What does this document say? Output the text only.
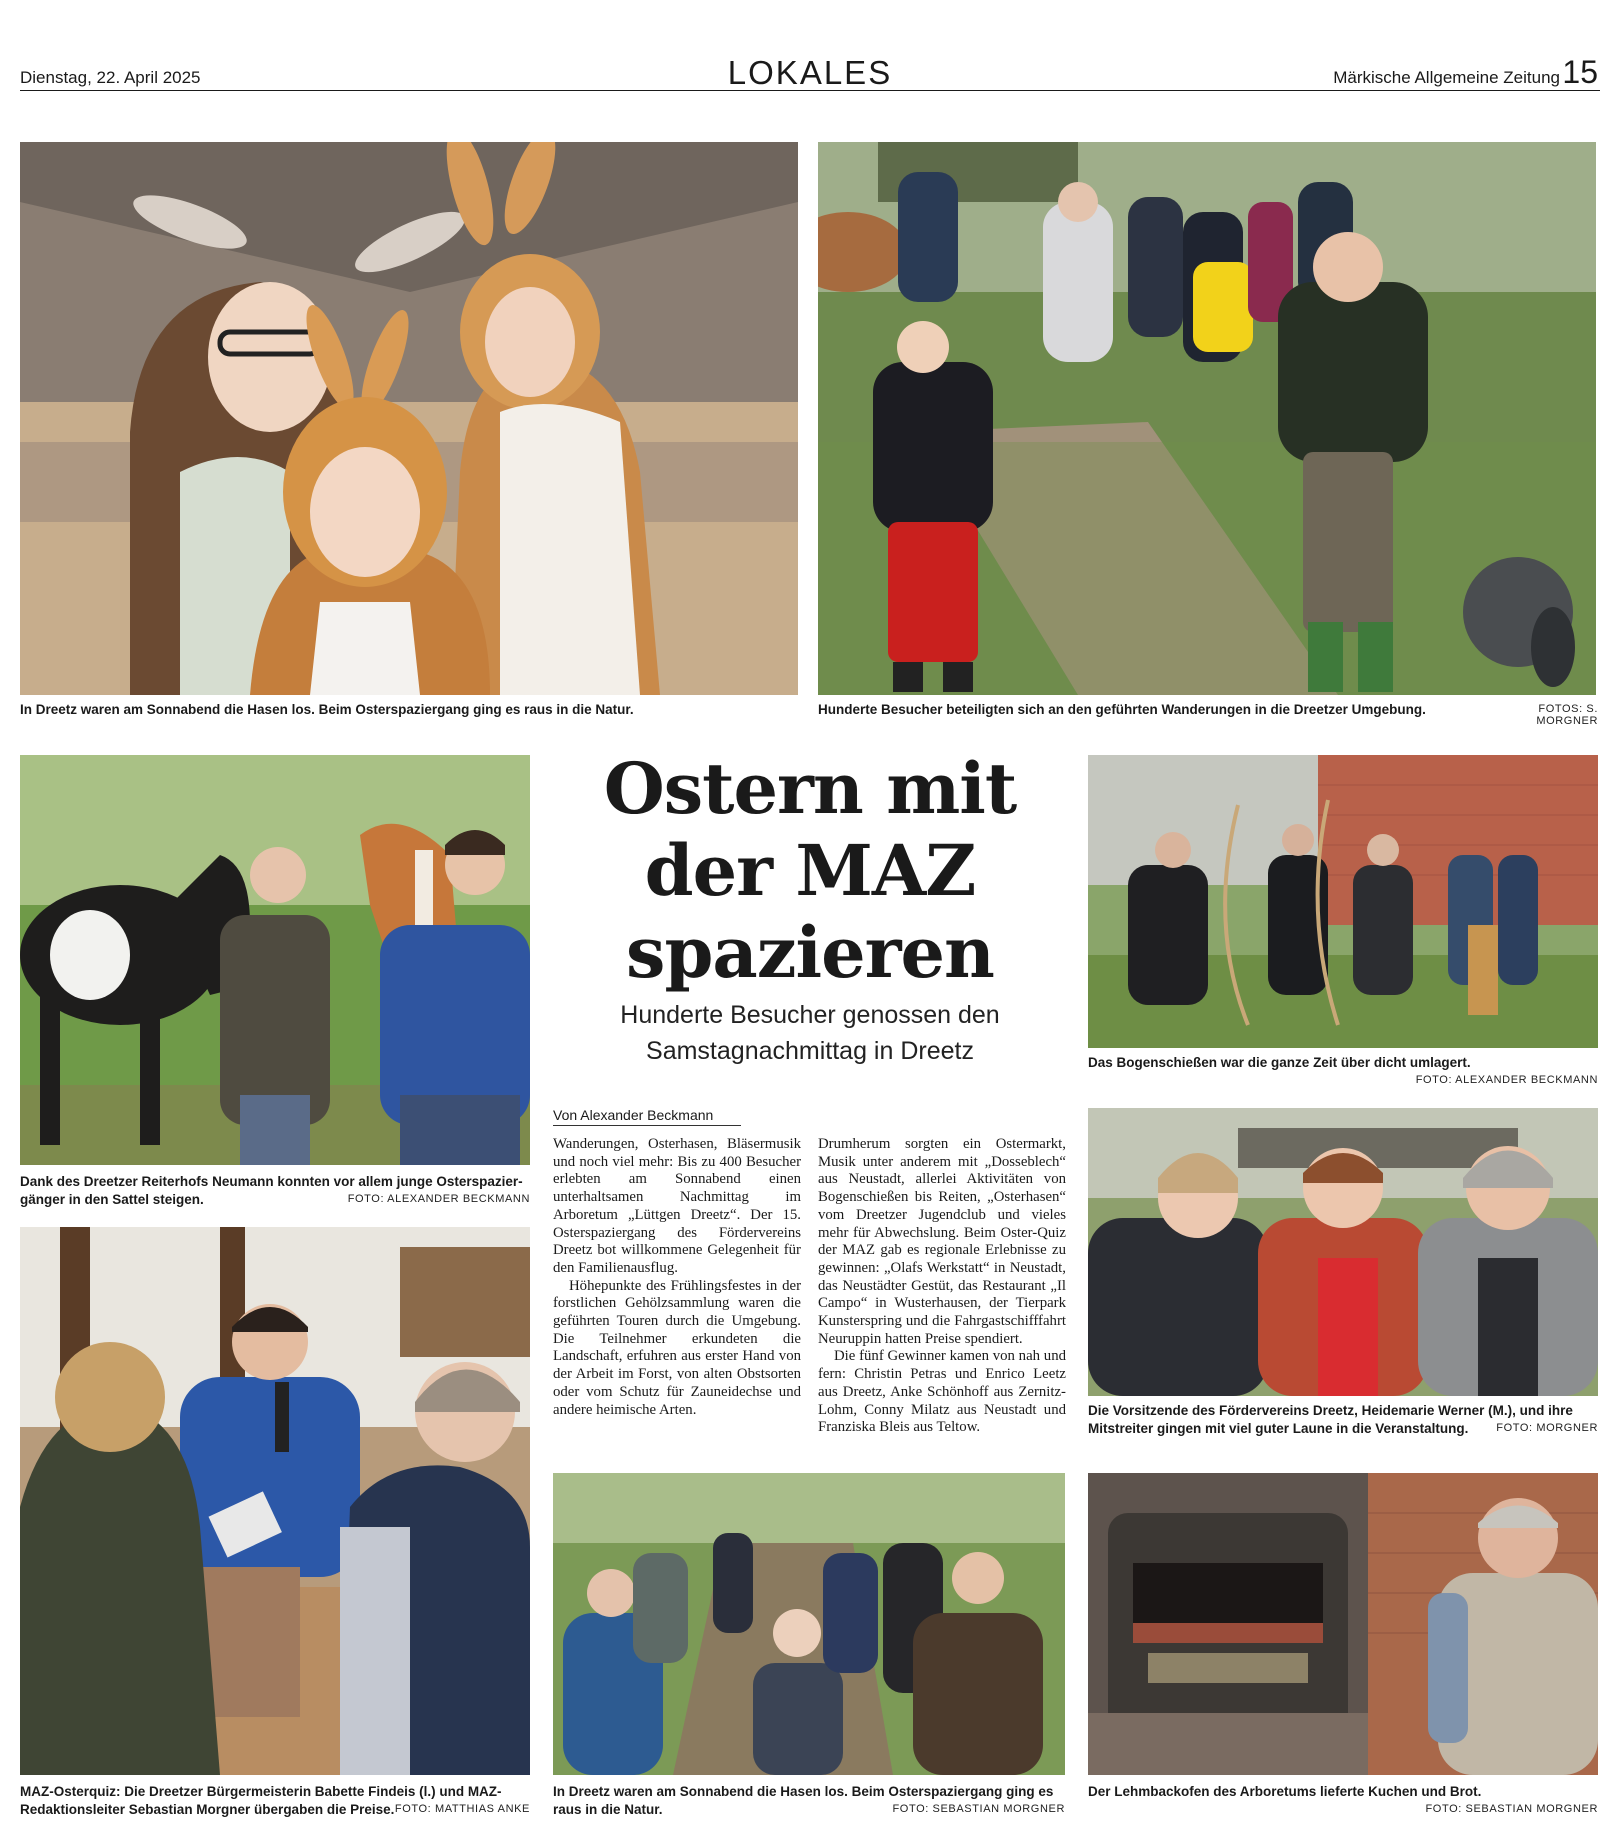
Dienstag, 22. April 2025	LOKALES	Märkische Allgemeine Zeitung 15
In Dreetz waren am Sonnabend die Hasen los. Beim Osterspaziergang ging es raus in die Natur.	Hunderte Besucher beteiligten sich an den geführten Wanderungen in die Dreetzer Umgebung.	FOTOS: S. MORGNER
Dank des Dreetzer Reiterhofs Neumann konnten vor allem junge Osterspazier-
gänger in den Sattel steigen.	FOTO: ALEXANDER BECKMANN
Das Bogenschießen war die ganze Zeit über dicht umlagert.
FOTO: ALEXANDER BECKMANN
Ostern mit
der MAZ
spazieren
Hunderte Besucher genossen den
Samstagnachmittag in Dreetz
Von Alexander Beckmann

Wanderungen, Osterhasen, Bläsermusik und noch viel mehr: Bis zu 400 Besucher erlebten am Sonnabend einen unterhaltsamen Nachmittag im Arboretum „Lüttgen Dreetz“. Der 15. Osterspaziergang des Fördervereins Dreetz bot willkommene Gelegenheit für den Familienausflug.

Höhepunkte des Frühlingsfestes in der forstlichen Gehölzsammlung waren die geführten Touren durch die Umgebung. Die Teilnehmer erkundeten die Landschaft, erfuhren aus erster Hand von der Arbeit im Forst, von alten Obstsorten oder vom Schutz für Zauneidechse und andere heimische Arten.

Drumherum sorgten ein Ostermarkt, Musik unter anderem mit „Dosseblech“ aus Neustadt, allerlei Aktivitäten von Bogenschießen bis Reiten, „Osterhasen“ vom Dreetzer Jugendclub und vieles mehr für Abwechslung. Beim Oster-Quiz der MAZ gab es regionale Erlebnisse zu gewinnen: „Olafs Werkstatt“ in Neustadt, das Neustädter Gestüt, das Restaurant „Il Campo“ in Wusterhausen, der Tierpark Kunsterspring und die Fahrgastschifffahrt Neuruppin hatten Preise spendiert.

Die fünf Gewinner kamen von nah und fern: Christin Petras und Enrico Leetz aus Dreetz, Anke Schönhoff aus Zernitz-Lohm, Conny Milatz aus Neustadt und Franziska Bleis aus Teltow.

Die Vorsitzende des Fördervereins Dreetz, Heidemarie Werner (M.), und ihre
Mitstreiter gingen mit viel guter Laune in die Veranstaltung.	FOTO: MORGNER
MAZ-Osterquiz: Die Dreetzer Bürgermeisterin Babette Findeis (l.) und MAZ-
Redaktionsleiter Sebastian Morgner übergaben die Preise. FOTO: MATTHIAS ANKE
In Dreetz waren am Sonnabend die Hasen los. Beim Osterspaziergang ging es
raus in die Natur.	FOTO: SEBASTIAN MORGNER
Der Lehmbackofen des Arboretums lieferte Kuchen und Brot.
FOTO: SEBASTIAN MORGNER
